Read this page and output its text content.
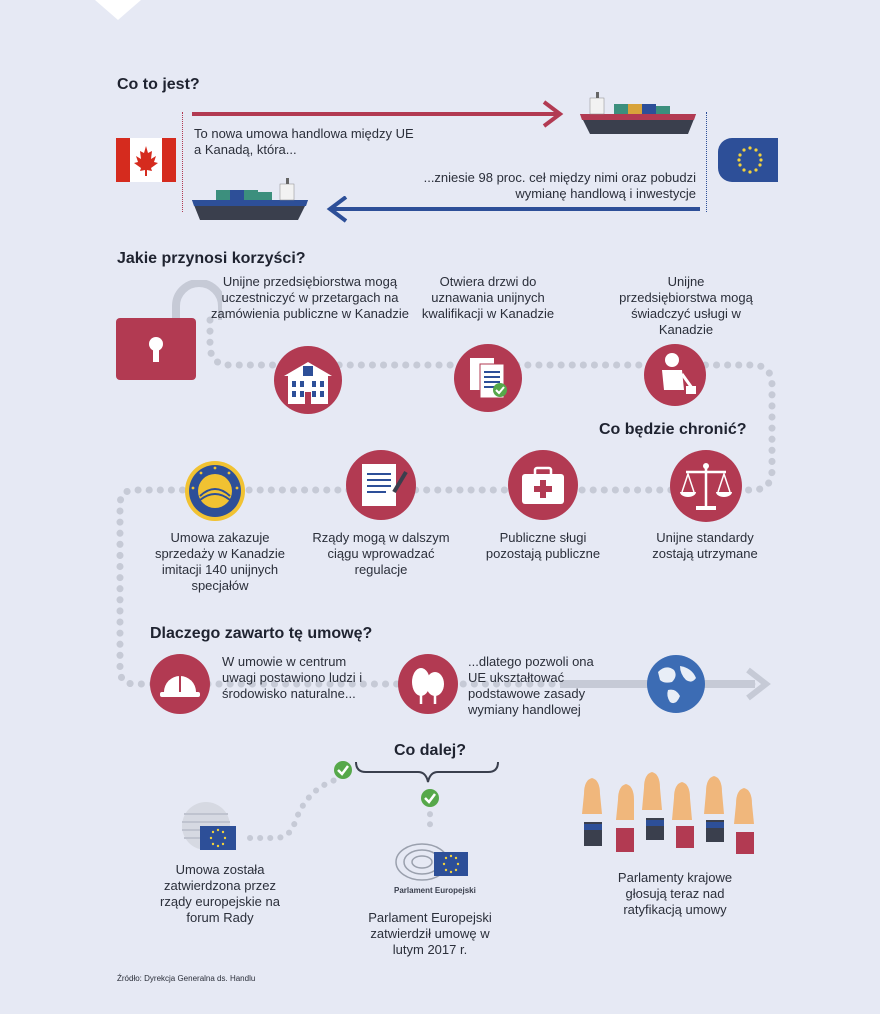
Co to jest?
To nowa umowa handlowa między UE a Kanadą, która...
...zniesie 98 proc. ceł między nimi oraz pobudzi wymianę handlową i inwestycje
Jakie przynosi korzyści?
Unijne przedsiębiorstwa mogą uczestniczyć w przetargach na zamówienia publiczne w Kanadzie
Otwiera drzwi do uznawania unijnych kwalifikacji w Kanadzie
Unijne przedsiębiorstwa mogą świadczyć usługi w Kanadzie
Co będzie chronić?
Unijne standardy zostają utrzymane
Publiczne sługi pozostają publiczne
Rządy mogą w dalszym ciągu wprowadzać regulacje
Umowa zakazuje sprzedaży w Kanadzie imitacji 140 unijnych specjałów
Dlaczego zawarto tę umowę?
W umowie w centrum uwagi postawiono ludzi i środowisko naturalne...
...dlatego pozwoli ona UE ukształtować podstawowe zasady wymiany handlowej
Co dalej?
Parlament Europejski
Umowa została zatwierdzona przez rządy europejskie na forum Rady	Parlament Europejski zatwierdził umowę w lutym 2017 r.
Parlamenty krajowe głosują teraz nad ratyfikacją umowy
Źródło: Dyrekcja Generalna ds. Handlu
